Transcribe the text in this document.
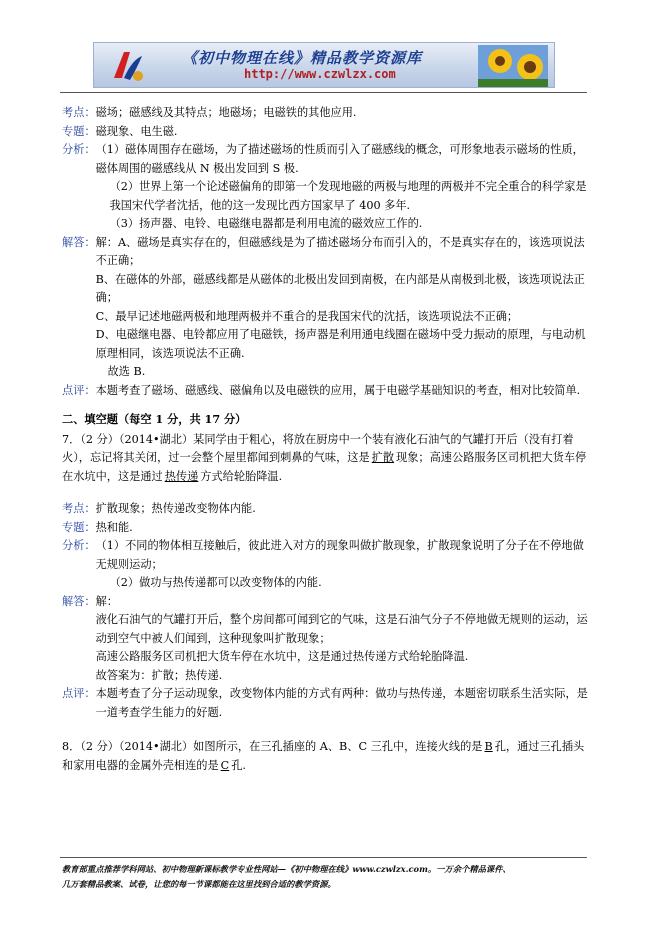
《初中物理在线》精品教学资源库
http://www.czwlzx.com
考点： 磁场；磁感线及其特点；地磁场；电磁铁的其他应用.
专题： 磁现象、电生磁.
分析： （1）磁体周围存在磁场，为了描述磁场的性质而引入了磁感线的概念，可形象地表示磁场的性质，磁体周围的磁感线从 N 极出发回到 S 极.
（2）世界上第一个论述磁偏角的即第一个发现地磁的两极与地理的两极并不完全重合的科学家是我国宋代学者沈括，他的这一发现比西方国家早了 400 多年.
（3）扬声器、电铃、电磁继电器都是利用电流的磁效应工作的.
解答： 解：A、磁场是真实存在的，但磁感线是为了描述磁场分布而引入的，不是真实存在的，该选项说法不正确；
B、在磁体的外部，磁感线都是从磁体的北极出发回到南极，在内部是从南极到北极，该选项说法正确；
C、最早记述地磁两极和地理两极并不重合的是我国宋代的沈括，该选项说法不正确；
D、电磁继电器、电铃都应用了电磁铁，扬声器是利用通电线圈在磁场中受力振动的原理，与电动机原理相同，该选项说法不正确.
故选 B.
点评： 本题考查了磁场、磁感线、磁偏角以及电磁铁的应用，属于电磁学基础知识的考查，相对比较简单.
二、填空题（每空 1 分，共 17 分）
7．（2 分）（2014•湖北）某同学由于粗心，将放在厨房中一个装有液化石油气的气罐打开后（没有打着火），忘记将其关闭，过一会整个屋里都闻到刺鼻的气味，这是 扩散 现象；高速公路服务区司机把大货车停在水坑中，这是通过 热传递 方式给轮胎降温.
考点： 扩散现象；热传递改变物体内能.
专题： 热和能.
分析： （1）不同的物体相互接触后，彼此进入对方的现象叫做扩散现象，扩散现象说明了分子在不停地做无规则运动；
（2）做功与热传递都可以改变物体的内能.
解答： 解：
液化石油气的气罐打开后，整个房间都可闻到它的气味，这是石油气分子不停地做无规则的运动，运动到空气中被人们闻到，这种现象叫扩散现象；
高速公路服务区司机把大货车停在水坑中，这是通过热传递方式给轮胎降温.
故答案为：扩散；热传递.
点评： 本题考查了分子运动现象，改变物体内能的方式有两种：做功与热传递，本题密切联系生活实际，是一道考查学生能力的好题.
8．（2 分）（2014•湖北）如图所示，在三孔插座的 A、B、C 三孔中，连接火线的是 B 孔，通过三孔插头和家用电器的金属外壳相连的是 C 孔.
教育部重点推荐学科网站、初中物理新课标教学专业性网站—《初中物理在线》www.czwlzx.com。一万余个精品课件、
几万套精品教案、试卷，让您的每一节课都能在这里找到合适的教学资源。
